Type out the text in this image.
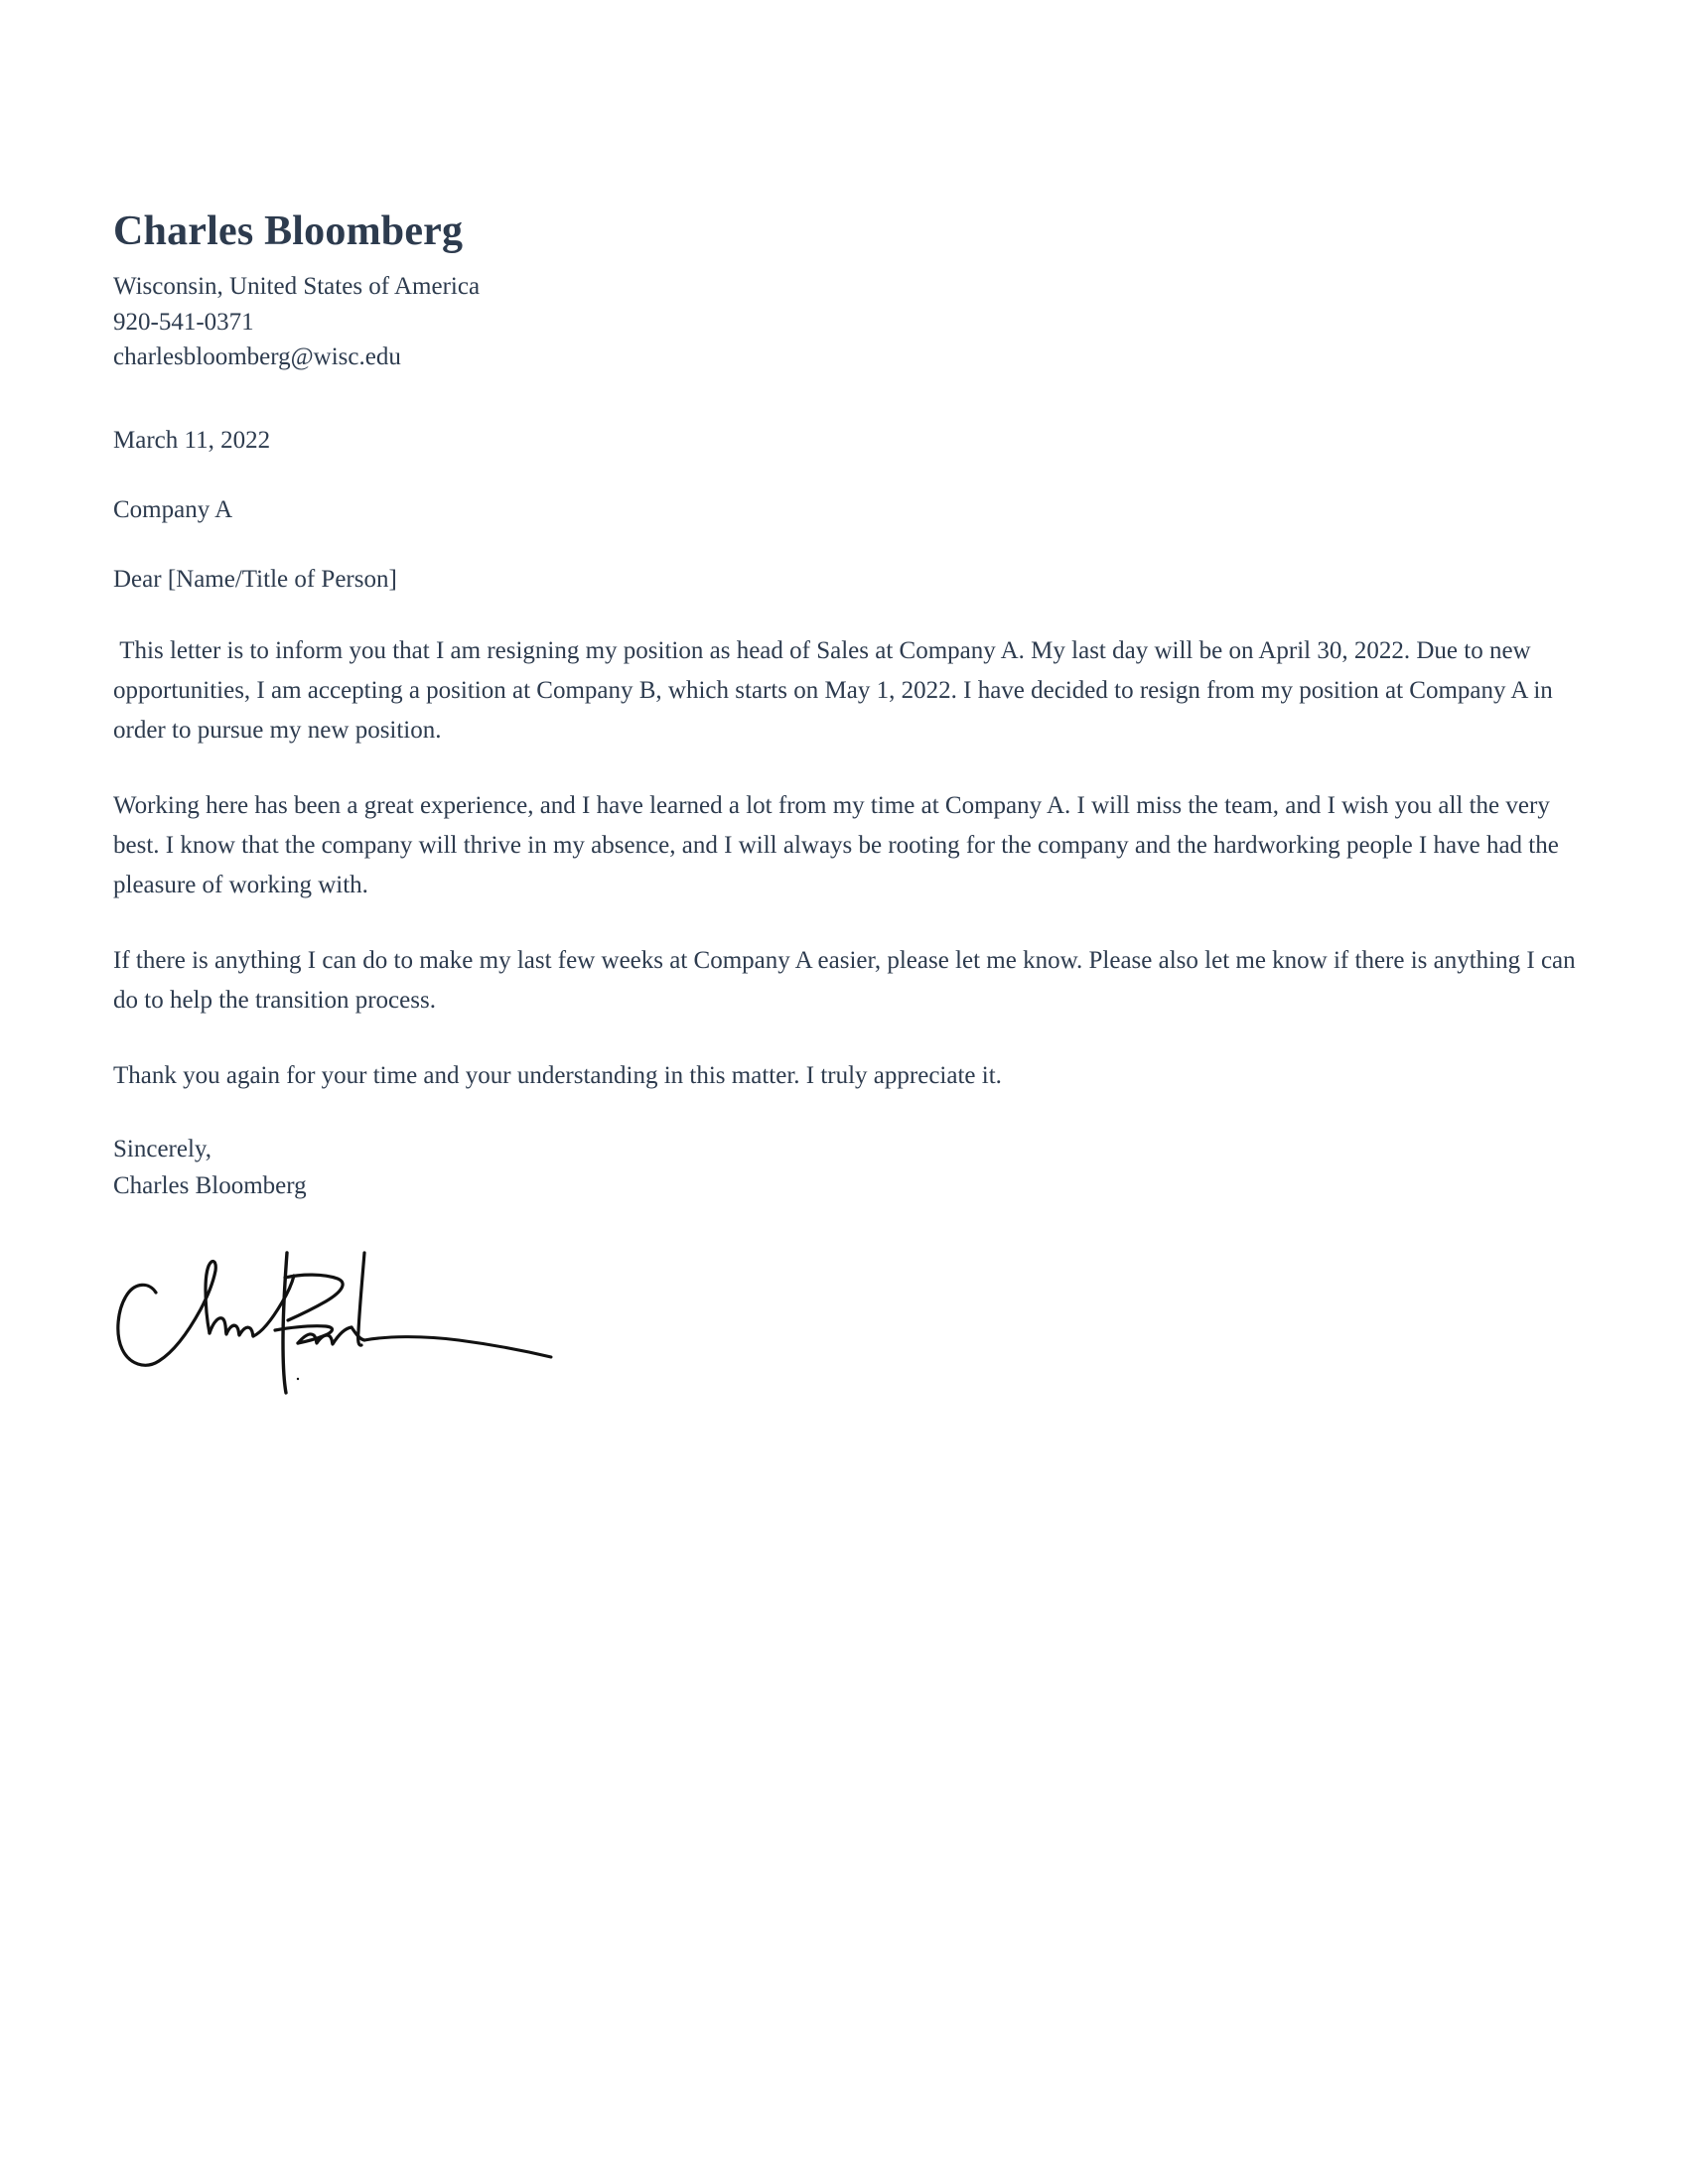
Charles Bloomberg

Wisconsin, United States of America

920-541-0371

charlesbloomberg@wisc.edu

March 11, 2022

Company A

Dear [Name/Title of Person]

This letter is to inform you that I am resigning my position as head of Sales at Company A. My last day will be on April 30, 2022. Due to new opportunities, I am accepting a position at Company B, which starts on May 1, 2022. I have decided to resign from my position at Company A in order to pursue my new position.

Working here has been a great experience, and I have learned a lot from my time at Company A. I will miss the team, and I wish you all the very best. I know that the company will thrive in my absence, and I will always be rooting for the company and the hardworking people I have had the pleasure of working with.

If there is anything I can do to make my last few weeks at Company A easier, please let me know. Please also let me know if there is anything I can do to help the transition process.

Thank you again for your time and your understanding in this matter. I truly appreciate it.

Sincerely,

Charles Bloomberg
